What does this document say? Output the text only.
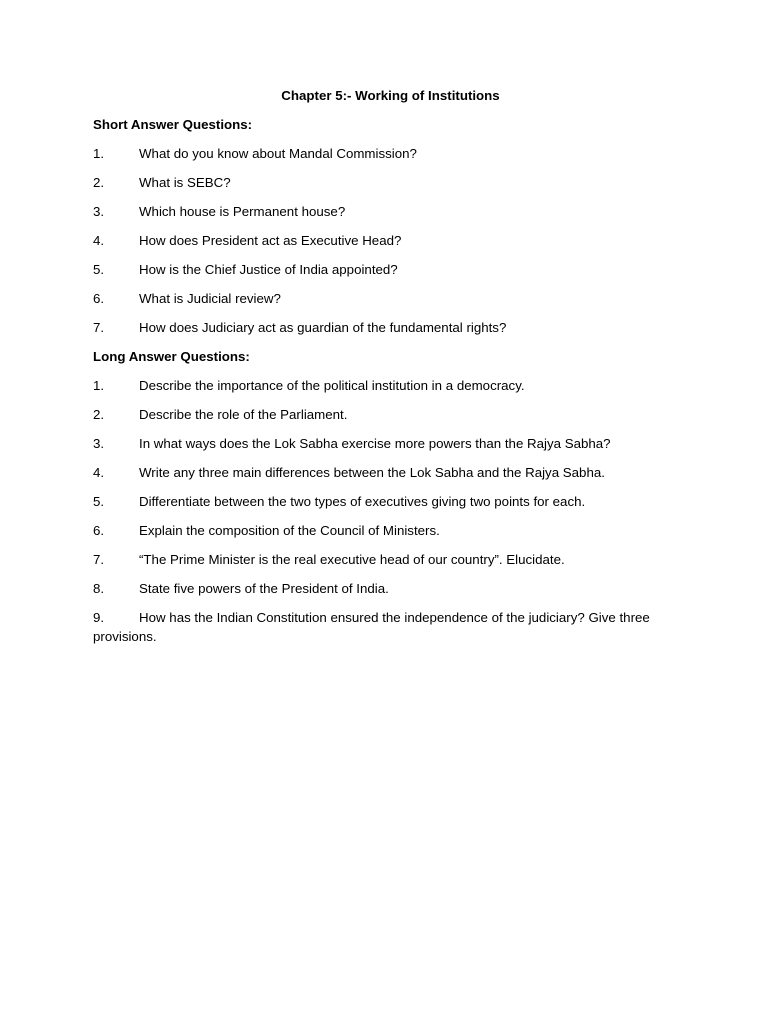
Chapter 5:- Working of Institutions
Short Answer Questions:
1.	What do you know about Mandal Commission?
2.	What is SEBC?
3.	Which house is Permanent house?
4.	How does President act as Executive Head?
5.	How is the Chief Justice of India appointed?
6.	What is Judicial review?
7.	How does Judiciary act as guardian of the fundamental rights?
Long Answer Questions:
1.	Describe the importance of the political institution in a democracy.
2.	Describe the role of the Parliament.
3.	In what ways does the Lok Sabha exercise more powers than the Rajya Sabha?
4.	Write any three main differences between the Lok Sabha and the Rajya Sabha.
5.	Differentiate between the two types of executives giving two points for each.
6.	Explain the composition of the Council of Ministers.
7.	“The Prime Minister is the real executive head of our country”. Elucidate.
8.	State five powers of the President of India.
9.	How has the Indian Constitution ensured the independence of the judiciary? Give three provisions.
